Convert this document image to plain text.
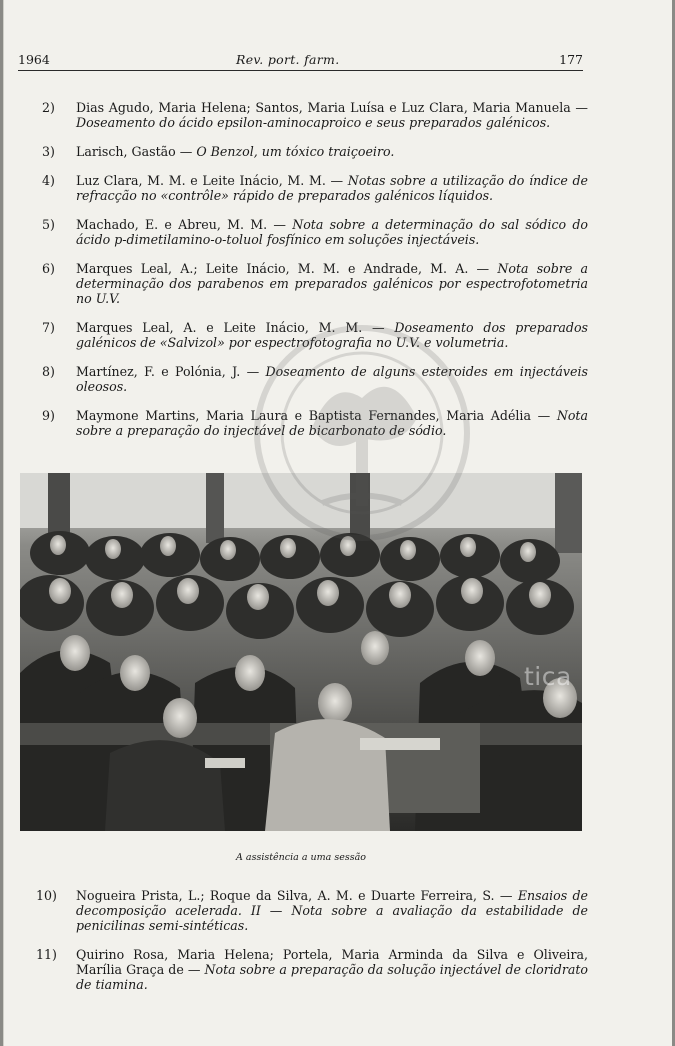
1964	Rev. port. farm.	177
2) Dias Agudo, Maria Helena; Santos, Maria Luísa e Luz Clara, Maria Manuela — Doseamento do ácido epsilon-aminocaproico e seus preparados galénicos.
3) Larisch, Gastão — O Benzol, um tóxico traiçoeiro.
4) Luz Clara, M. M. e Leite Inácio, M. M. — Notas sobre a utilização do índice de refracção no «contrôle» rápido de preparados galénicos líquidos.
5) Machado, E. e Abreu, M. M. — Nota sobre a determinação do sal sódico do ácido p-dimetilamino-o-toluol fosfínico em soluções injectáveis.
6) Marques Leal, A.; Leite Inácio, M. M. e Andrade, M. A. — Nota sobre a determinação dos parabenos em preparados galénicos por espectrofotometria no U.V.
7) Marques Leal, A. e Leite Inácio, M. M. — Doseamento dos preparados galénicos de «Salvizol» por espectrofotografia no U.V. e volumetria.
8) Martínez, F. e Polónia, J. — Doseamento de alguns esteroides em injectáveis oleosos.
9) Maymone Martins, Maria Laura e Baptista Fernandes, Maria Adélia — Nota sobre a preparação do injectável de bicarbonato de sódio.
tica
A assistência a uma sessão
10) Nogueira Prista, L.; Roque da Silva, A. M. e Duarte Ferreira, S. — Ensaios de decomposição acelerada. II — Nota sobre a avaliação da estabilidade de penicilinas semi-sintéticas.
11) Quirino Rosa, Maria Helena; Portela, Maria Arminda da Silva e Oliveira, Marília Graça de — Nota sobre a preparação da solução injectável de cloridrato de tiamina.
